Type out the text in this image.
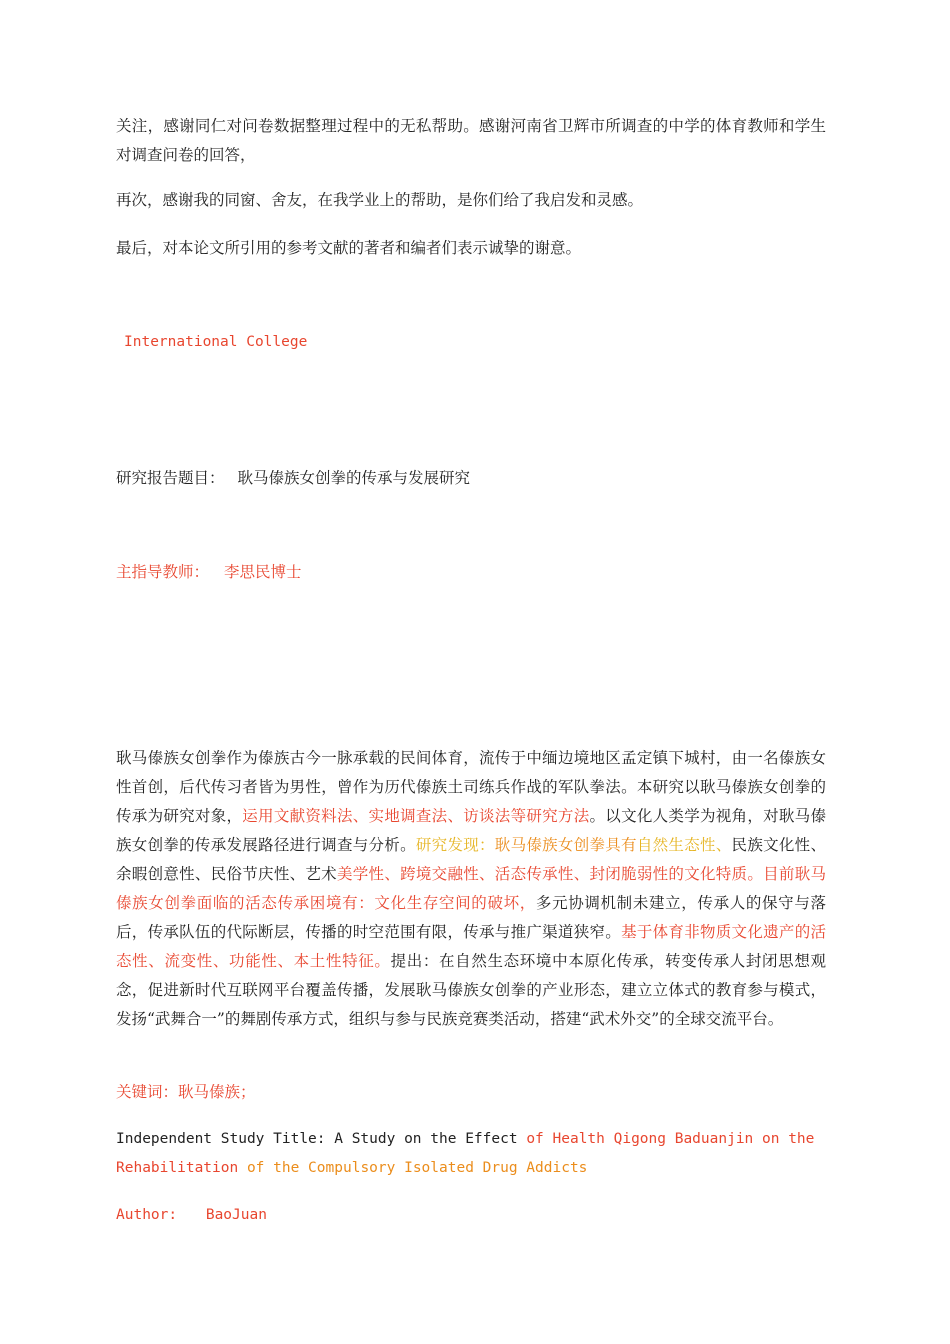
关注，感谢同仁对问卷数据整理过程中的无私帮助。感谢河南省卫辉市所调查的中学的体育教师和学生对调查问卷的回答，

再次，感谢我的同窗、舍友，在我学业上的帮助，是你们给了我启发和灵感。

最后，对本论文所引用的参考文献的著者和编者们表示诚挚的谢意。

International College

研究报告题目： 耿马傣族女创拳的传承与发展研究

主指导教师： 李思民博士

耿马傣族女创拳作为傣族古今一脉承载的民间体育，流传于中缅边境地区孟定镇下城村，由一名傣族女性首创，后代传习者皆为男性，曾作为历代傣族土司练兵作战的军队拳法。本研究以耿马傣族女创拳的传承为研究对象，运用文献资料法、实地调查法、访谈法等研究方法。以文化人类学为视角，对耿马傣族女创拳的传承发展路径进行调查与分析。研究发现：耿马傣族女创拳具有自然生态性、民族文化性、余暇创意性、民俗节庆性、艺术美学性、跨境交融性、活态传承性、封闭脆弱性的文化特质。目前耿马傣族女创拳面临的活态传承困境有：文化生存空间的破坏，多元协调机制未建立，传承人的保守与落后，传承队伍的代际断层，传播的时空范围有限，传承与推广渠道狭窄。基于体育非物质文化遗产的活态性、流变性、功能性、本土性特征。提出：在自然生态环境中本原化传承，转变传承人封闭思想观念，促进新时代互联网平台覆盖传播，发展耿马傣族女创拳的产业形态，建立立体式的教育参与模式，发扬“武舞合一”的舞剧传承方式，组织与参与民族竞赛类活动，搭建“武术外交”的全球交流平台。

关键词：耿马傣族；

Independent Study Title: A Study on the Effect of Health Qigong Baduanjin on the Rehabilitation of the Compulsory Isolated Drug Addicts

Author: BaoJuan
